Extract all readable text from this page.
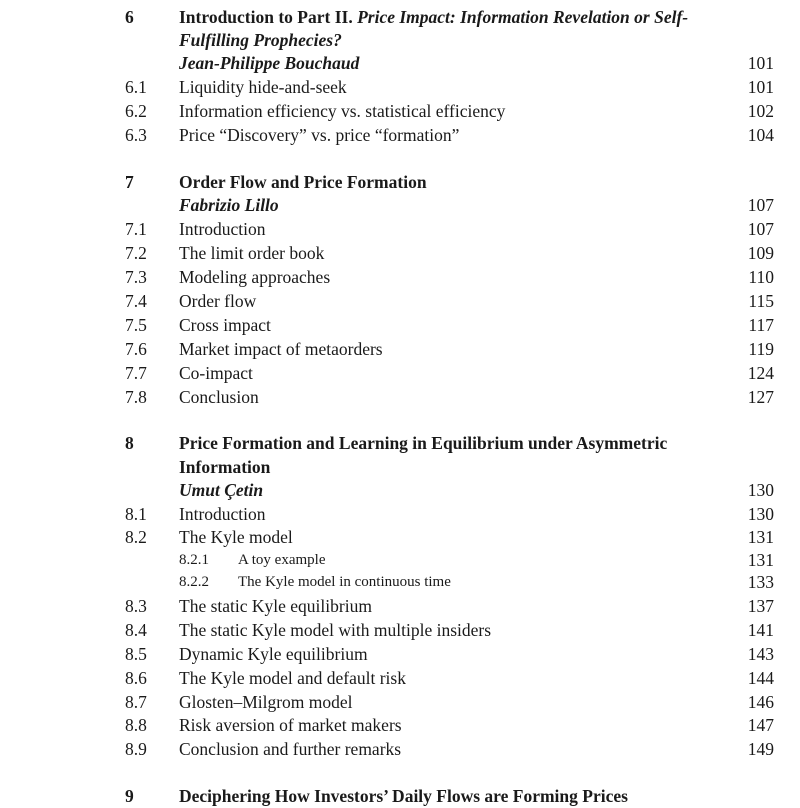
6	Introduction to Part II. Price Impact: Information Revelation or Self-
Fulfilling Prophecies?
Jean-Philippe Bouchaud	101
6.1 Liquidity hide-and-seek	101
6.2 Information efficiency vs. statistical efficiency	102
6.3 Price “Discovery” vs. price “formation”	104
7	Order Flow and Price Formation
Fabrizio Lillo	107
7.1 Introduction	107
7.2 The limit order book	109
7.3 Modeling approaches	110
7.4 Order flow	115
7.5 Cross impact	117
7.6 Market impact of metaorders	119
7.7 Co-impact	124
7.8 Conclusion	127
8	Price Formation and Learning in Equilibrium under Asymmetric
Information
Umut Çetin	130
8.1 Introduction	130
8.2 The Kyle model	131
8.2.1 A toy example	131
8.2.2 The Kyle model in continuous time	133
8.3 The static Kyle equilibrium	137
8.4 The static Kyle model with multiple insiders	141
8.5 Dynamic Kyle equilibrium	143
8.6 The Kyle model and default risk	144
8.7 Glosten–Milgrom model	146
8.8 Risk aversion of market makers	147
8.9 Conclusion and further remarks	149
9	Deciphering How Investors’ Daily Flows are Forming Prices
